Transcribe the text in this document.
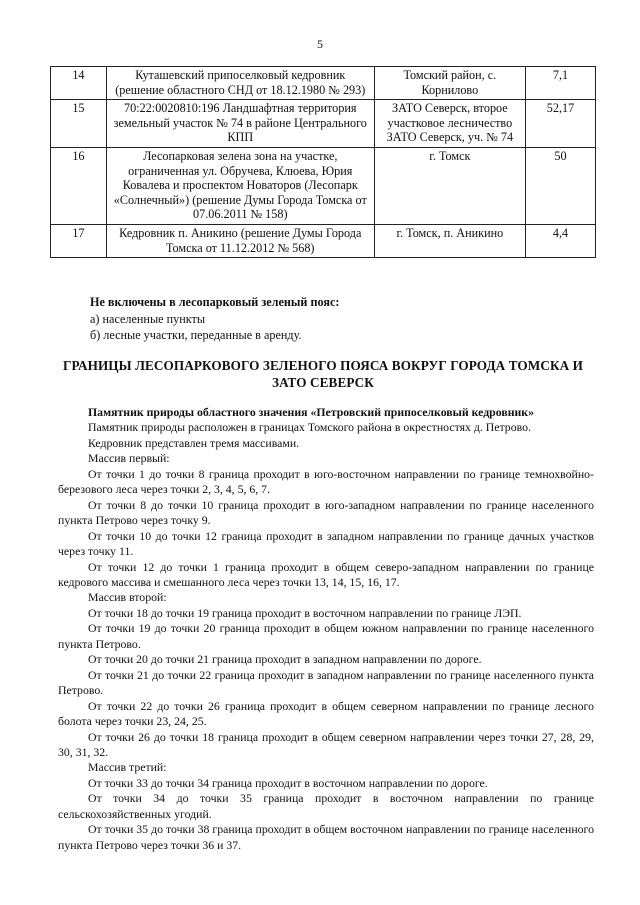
5
14	Куташевский припоселковый кедровник (решение областного СНД от 18.12.1980 № 293)	Томский район, с. Корнилово	7,1
15	70:22:0020810:196 Ландшафтная территория земельный участок № 74 в районе Центрального КПП	ЗАТО Северск, второе участковое лесничество ЗАТО Северск, уч. № 74	52,17
16	Лесопарковая зелена зона на участке, ограниченная ул. Обручева, Клюева, Юрия Ковалева и проспектом Новаторов (Лесопарк «Солнечный») (решение Думы Города Томска от 07.06.2011 № 158)	г. Томск	50
17	Кедровник п. Аникино (решение Думы Города Томска от 11.12.2012 № 568)	г. Томск, п. Аникино	4,4
Не включены в лесопарковый зеленый пояс:
а) населенные пункты
б) лесные участки, переданные в аренду.
ГРАНИЦЫ ЛЕСОПАРКОВОГО ЗЕЛЕНОГО ПОЯСА ВОКРУГ ГОРОДА ТОМСКА И ЗАТО СЕВЕРСК

Памятник природы областного значения «Петровский припоселковый кедровник»

Памятник природы расположен в границах Томского района в окрестностях д. Петрово.

Кедровник представлен тремя массивами.

Массив первый:

От точки 1 до точки 8 граница проходит в юго-восточном направлении по границе темнохвойно-березового леса через точки 2, 3, 4, 5, 6, 7.

От точки 8 до точки 10 граница проходит в юго-западном направлении по границе населенного пункта Петрово через точку 9.

От точки 10 до точки 12 граница проходит в западном направлении по границе дачных участков через точку 11.

От точки 12 до точки 1 граница проходит в общем северо-западном направлении по границе кедрового массива и смешанного леса через точки 13, 14, 15, 16, 17.

Массив второй:

От точки 18 до точки 19 граница проходит в восточном направлении по границе ЛЭП.

От точки 19 до точки 20 граница проходит в общем южном направлении по границе населенного пункта Петрово.

От точки 20 до точки 21 граница проходит в западном направлении по дороге.

От точки 21 до точки 22 граница проходит в западном направлении по границе населенного пункта Петрово.

От точки 22 до точки 26 граница проходит в общем северном направлении по границе лесного болота через точки 23, 24, 25.

От точки 26 до точки 18 граница проходит в общем северном направлении через точки 27, 28, 29, 30, 31, 32.

Массив третий:

От точки 33 до точки 34 граница проходит в восточном направлении по дороге.

От точки 34 до точки 35 граница проходит в восточном направлении по границе сельскохозяйственных угодий.

От точки 35 до точки 38 граница проходит в общем восточном направлении по границе населенного пункта Петрово через точки 36 и 37.
